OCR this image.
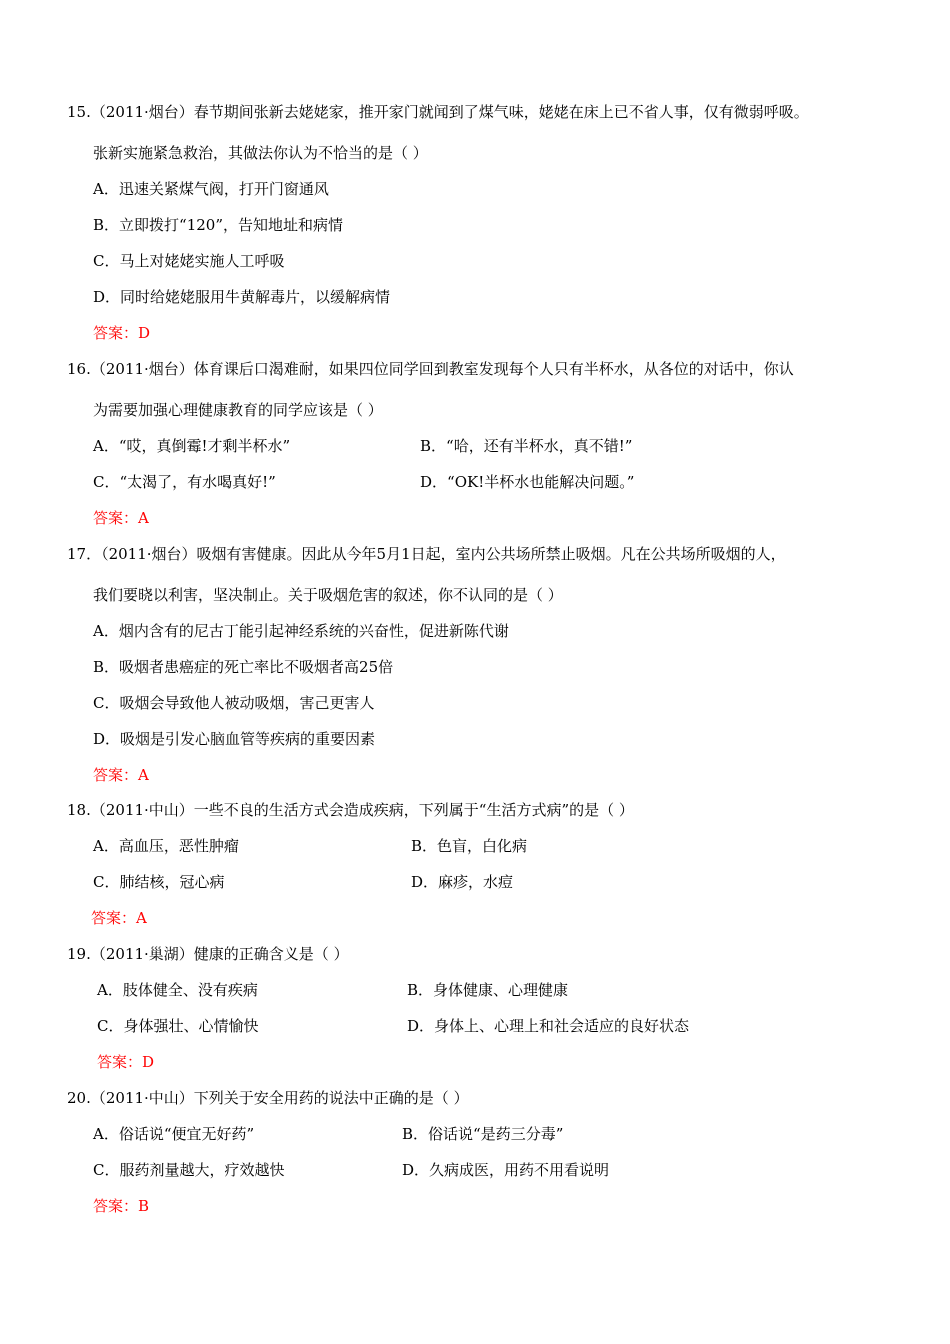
15.（2011·烟台）春节期间张新去姥姥家，推开家门就闻到了煤气味，姥姥在床上已不省人事，仅有微弱呼吸。
张新实施紧急救治，其做法你认为不恰当的是（ ）
A．迅速关紧煤气阀，打开门窗通风
B．立即拨打“120”，告知地址和病情
C．马上对姥姥实施人工呼吸
D．同时给姥姥服用牛黄解毒片，以缓解病情
答案：D
16.（2011·烟台）体育课后口渴难耐，如果四位同学回到教室发现每个人只有半杯水，从各位的对话中，你认
为需要加强心理健康教育的同学应该是（ ）
A．“哎，真倒霉!才剩半杯水”	B．“哈，还有半杯水，真不错!”
C．“太渴了，有水喝真好!”	D．“OK!半杯水也能解决问题。”
答案：A
17．（2011·烟台）吸烟有害健康。因此从今年5月1日起，室内公共场所禁止吸烟。凡在公共场所吸烟的人，
我们要晓以利害，坚决制止。关于吸烟危害的叙述，你不认同的是（ ）
A．烟内含有的尼古丁能引起神经系统的兴奋性，促进新陈代谢
B．吸烟者患癌症的死亡率比不吸烟者高25倍
C．吸烟会导致他人被动吸烟，害己更害人
D．吸烟是引发心脑血管等疾病的重要因素
答案：A
18.（2011·中山）一些不良的生活方式会造成疾病，下列属于“生活方式病”的是（ ）
A．高血压，恶性肿瘤	B．色盲，白化病
C．肺结核，冠心病	D．麻疹，水痘
答案：A
19.（2011·巢湖）健康的正确含义是（ ）
A．肢体健全、没有疾病	B．身体健康、心理健康
C．身体强壮、心情愉快	D．身体上、心理上和社会适应的良好状态
答案：D
20.（2011·中山）下列关于安全用药的说法中正确的是（ ）
A．俗话说“便宜无好药”	B．俗话说“是药三分毒”
C．服药剂量越大，疗效越快	D．久病成医，用药不用看说明
答案：B
